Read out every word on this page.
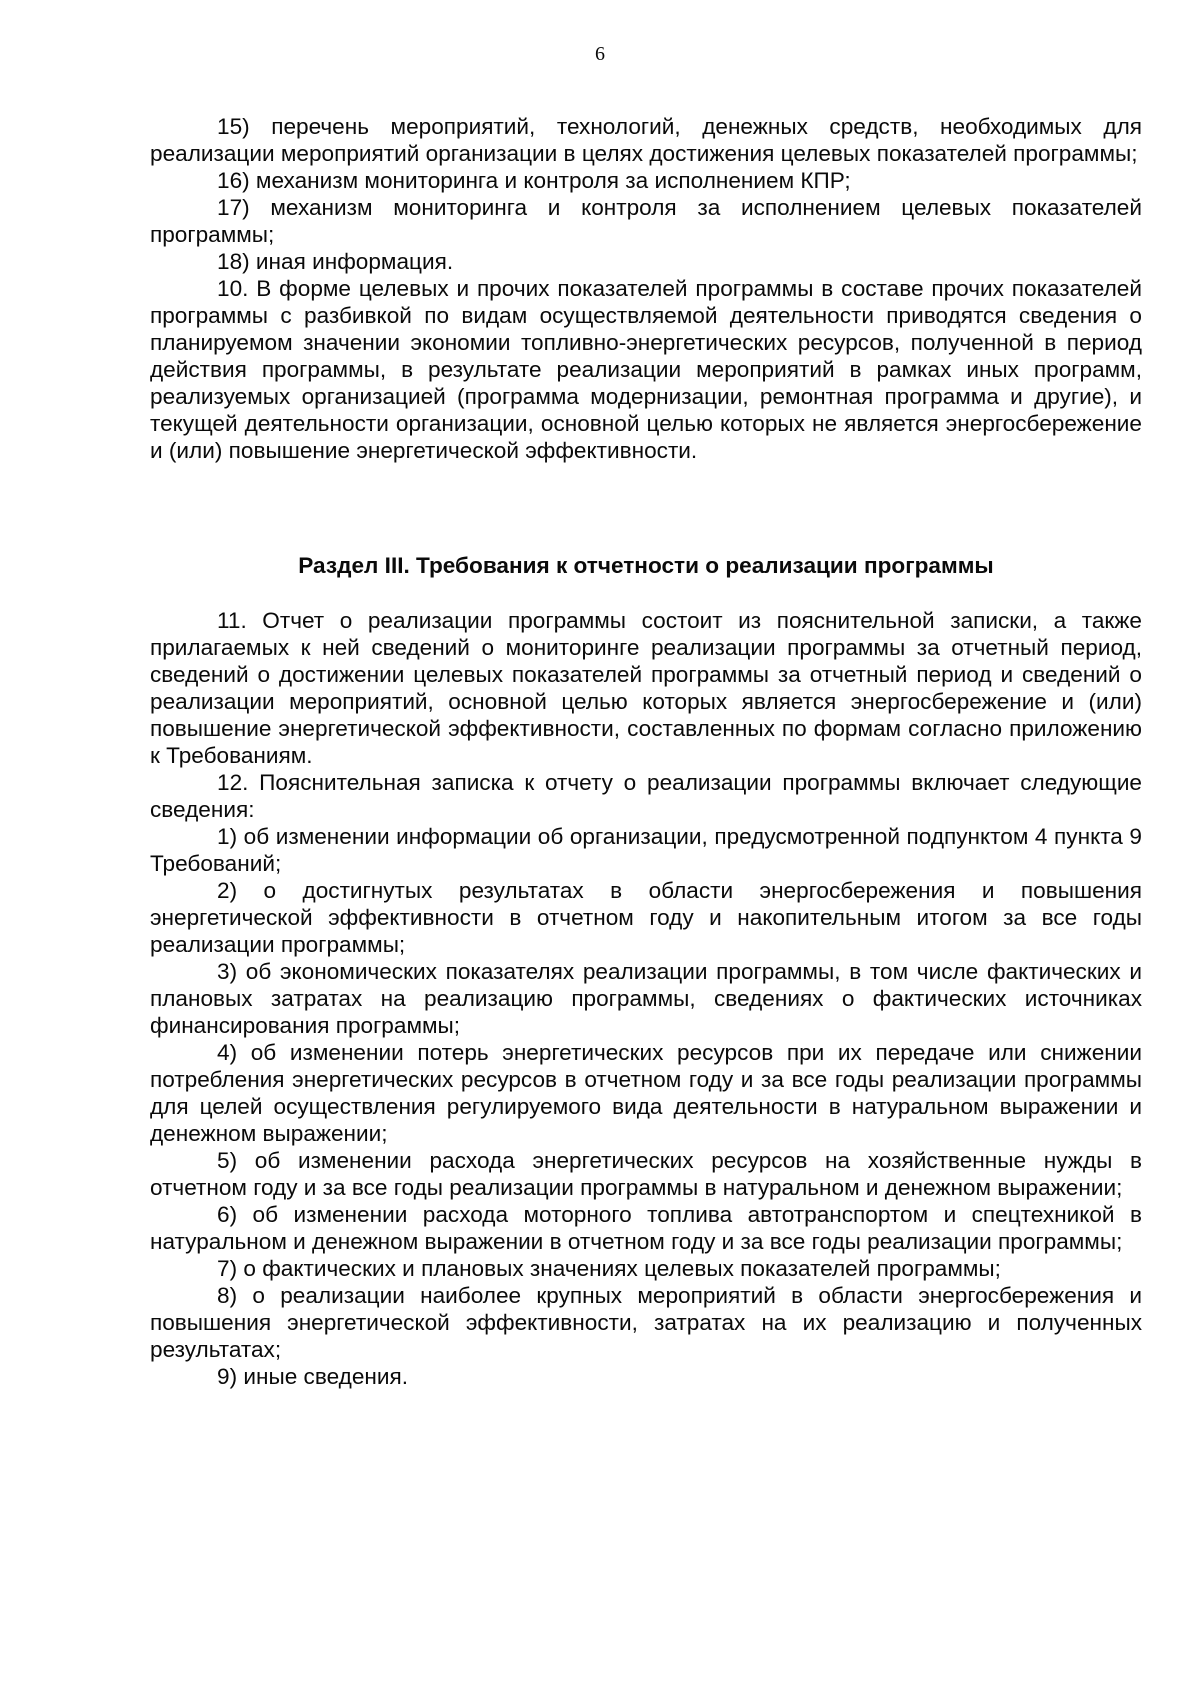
6

15) перечень мероприятий, технологий, денежных средств, необходимых для реализации мероприятий организации в целях достижения целевых показателей программы;

16) механизм мониторинга и контроля за исполнением КПР;

17) механизм мониторинга и контроля за исполнением целевых показателей программы;

18) иная информация.

10. В форме целевых и прочих показателей программы в составе прочих показателей программы с разбивкой по видам осуществляемой деятельности приводятся сведения о планируемом значении экономии топливно-энергетических ресурсов, полученной в период действия программы, в результате реализации мероприятий в рамках иных программ, реализуемых организацией (программа модернизации, ремонтная программа и другие), и текущей деятельности организации, основной целью которых не является энергосбережение и (или) повышение энергетической эффективности.

Раздел III. Требования к отчетности о реализации программы

11. Отчет о реализации программы состоит из пояснительной записки, а также прилагаемых к ней сведений о мониторинге реализации программы за отчетный период, сведений о достижении целевых показателей программы за отчетный период и сведений о реализации мероприятий, основной целью которых является энергосбережение и (или) повышение энергетической эффективности, составленных по формам согласно приложению к Требованиям.

12. Пояснительная записка к отчету о реализации программы включает следующие сведения:

1) об изменении информации об организации, предусмотренной подпунктом 4 пункта 9 Требований;

2) о достигнутых результатах в области энергосбережения и повышения энергетической эффективности в отчетном году и накопительным итогом за все годы реализации программы;

3) об экономических показателях реализации программы, в том числе фактических и плановых затратах на реализацию программы, сведениях о фактических источниках финансирования программы;

4) об изменении потерь энергетических ресурсов при их передаче или снижении потребления энергетических ресурсов в отчетном году и за все годы реализации программы для целей осуществления регулируемого вида деятельности в натуральном выражении и денежном выражении;

5) об изменении расхода энергетических ресурсов на хозяйственные нужды в отчетном году и за все годы реализации программы в натуральном и денежном выражении;

6) об изменении расхода моторного топлива автотранспортом и спецтехникой в натуральном и денежном выражении в отчетном году и за все годы реализации программы;

7) о фактических и плановых значениях целевых показателей программы;

8) о реализации наиболее крупных мероприятий в области энергосбережения и повышения энергетической эффективности, затратах на их реализацию и полученных результатах;

9) иные сведения.
